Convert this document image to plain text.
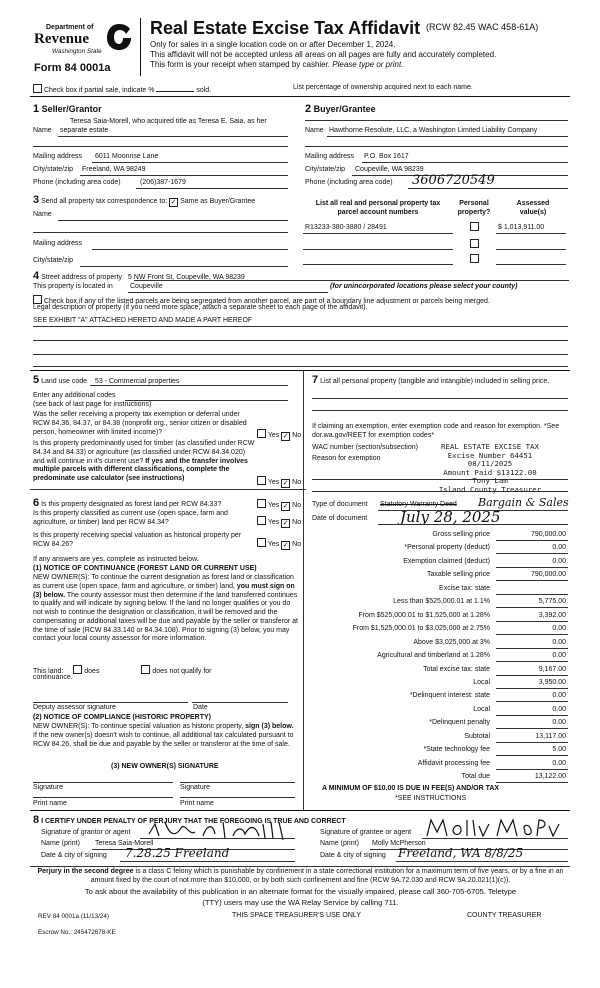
Department of
Revenue
Washington State
Form 84 0001a
Real Estate Excise Tax Affidavit (RCW 82.45 WAC 458-61A)
Only for sales in a single location code on or after December 1, 2024.
This affidavit will not be accepted unless all areas on all pages are fully and accurately completed.
This form is your receipt when stamped by cashier. Please type or print.
Check box if partial sale, indicate %	sold.	List percentage of ownership acquired next to each name.
1 Seller/Grantor
Teresa Saia-Morell, who acquired title as Teresa E. Saia, as her
Name separate estate
Mailing address 6011 Moonrise Lane
City/state/zip Freeland, WA 98249
Phone (including area code)	(206)387-1679
2 Buyer/Grantee
Name Hawthorne Resolute, LLC, a Washington Limited Liability Company
Mailing address P.O. Box 1617
City/state/zip Coupeville, WA 98239
Phone (including area code) 3606720549
3 Send all property tax correspondence to: ✓ Same as Buyer/Grantee
Name
Mailing address
City/state/zip
List all real and personal property tax
parcel account numbers
Personal
property?
Assessed
value(s)
R13233-380-3880 / 28491	$ 1,013,911.00
4 Street address of property 5 NW Front St, Coupeville, WA 98239
This property is located in Coupeville	(for unincorporated locations please select your county)
Check box if any of the listed parcels are being segregated from another parcel, are part of a boundary line adjustment or parcels being merged.
Legal description of property (if you need more space, attach a separate sheet to each page of the affidavit).
SEE EXHIBIT "A" ATTACHED HERETO AND MADE A PART HEREOF
5 Land use code 53 - Commercial properties
Enter any additional codes
(see back of last page for instructions)
Was the seller receiving a property tax exemption or deferral under RCW 84.36, 84.37, or 84.38 (nonprofit org., senior citizen or disabled person, homeowner with limited income)?	Yes ✓ No
Is this property predominantly used for timber (as classified under RCW 84.34 and 84.33) or agriculture (as classified under RCW 84.34.020) and will continue in it's current use? If yes and the transfer involves multiple parcels with different classifications, complete the predominate use calculator (see instructions)
Yes ✓ No
6 Is this property designated as forest land per RCW 84.33?	Yes ✓ No
Is this property classified as current use (open space, farm and agriculture, or timber) land per RCW 84.34?	Yes ✓ No
Is this property receiving special valuation as historical property per RCW 84.26?	Yes ✓ No
If any answers are yes, complete as instructed below.
(1) NOTICE OF CONTINUANCE (FOREST LAND OR CURRENT USE)
NEW OWNER(S): To continue the current designation as forest land or classification as current use (open space, farm and agriculture, or timber) land, you must sign on (3) below. The county assessor must then determine if the land transferred continues to qualify and will indicate by signing below. If the land no longer qualifies or you do not wish to continue the designation or classification, it will be removed and the compensating or additional taxes will be due and payable by the seller or transferor at the time of sale (RCW 84.33.140 or 84.34.108). Prior to signing (3) below, you may contact your local county assessor for more information.
This land:	does	does not qualify for
continuance.
Deputy assessor signature	Date
(2) NOTICE OF COMPLIANCE (HISTORIC PROPERTY)
NEW OWNER(S): To continue special valuation as historic property, sign (3) below. If the new owner(s) doesn't wish to continue, all additional tax calculated pursuant to RCW 84.26, shall be due and payable by the seller or transferor at the time of sale.
(3) NEW OWNER(S) SIGNATURE
Signature	Signature
Print name	Print name
7 List all personal property (tangible and intangible) included in selling price.
If claiming an exemption, enter exemption code and reason for exemption. *See dor.wa.gov/REET for exemption codes*
WAC number (section/subsection)
Reason for exemption
REAL ESTATE EXCISE TAX
Excise Number 64451
08/11/2025
Amount Paid $13122.00
Tony Lam
Island County Treasurer
Type of document Statutory Warranty Deed Bargain & Sales
Date of document July 28, 2025
Gross selling price	790,000.00
*Personal property (deduct)	0.00
Exemption claimed (deduct)	0.00
Taxable selling price	790,000.00
Excise tax: state
Less than $525,000.01 at 1.1%	5,775.00
From $525,000.01 to $1,525,000 at 1.28%	3,392.00
From $1,525,000.01 to $3,025,000 at 2.75%	0.00
Above $3,025,000 at 3%	0.00
Agricultural and timberland at 1.28%	0.00
Total excise tax: state	9,167.00
Local	3,950.00
*Delinquent interest: state	0.00
Local	0.00
*Delinquent penalty	0.00
Subtotal	13,117.00
*State technology fee	5.00
Affidavit processing fee	0.00
Total due	13,122.00
A MINIMUM OF $10.00 IS DUE IN FEE(S) AND/OR TAX
*SEE INSTRUCTIONS
8 I CERTIFY UNDER PENALTY OF PERJURY THAT THE FOREGOING IS TRUE AND CORRECT
Signature of grantor or agent
Name (print) Teresa Saia-Morell
Date & city of signing 7.28.25 Freeland
Signature of grantee or agent
Name (print) Molly McPherson
Date & city of signing Freeland, WA 8/8/25
Perjury in the second degree is a class C felony which is punishable by confinement in a state correctional institution for a maximum term of five years, or by a fine in an amount fixed by the court of not more than $10,000, or by both such confinement and fine (RCW 9A.72.030 and RCW 9A.20.021(1)(c)).
To ask about the availability of this publication in an alternate format for the visually impaired, please call 360-705-6705. Teletype
(TTY) users may use the WA Relay Service by calling 711.
REV 84 0001a (11/13/24)	THIS SPACE TREASURER'S USE ONLY	COUNTY TREASURER
Escrow No.: 245472678-KE
